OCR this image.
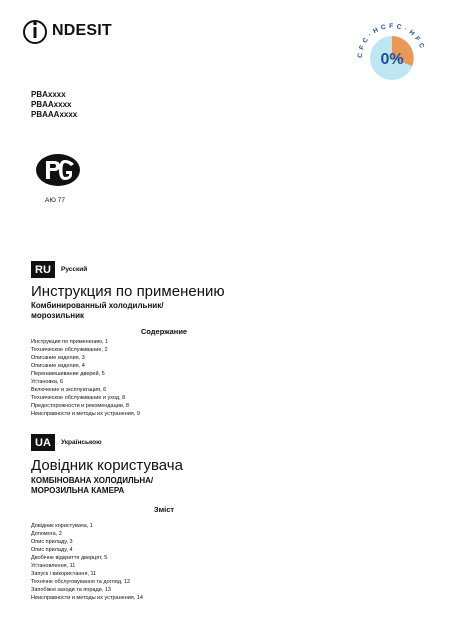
NDESIT
CFC·HCFC·HFC
0%
PBAxxxx
PBAAxxxx
PBAAAxxxx
АЮ 77
RU	Русский
Инструкция по применению
Комбинированный холодильник/
морозильник
Содержание
Инструкция по применению, 1
Техническое обслуживание, 2
Описание изделия, 3
Описание изделия, 4
Перенавешивание дверей, 5
Установка, 6
Включение и эксплуатация, 6
Техническое обслуживание и уход, 8
Предосторожности и рекомендации, 8
Неисправности и методы их устранения, 9
UA	Українською
Довідник користувача
КОМБІНОВАНА ХОЛОДИЛЬНА/
МОРОЗИЛЬНА КАМЕРА
Зміст
Довідник користувача, 1
Допомога, 2
Опис приладу, 3
Опис приладу, 4
Двобічне відкриття дверцят, 5
Установлення, 11
Запуск і використання, 11
Технічне обслуговування та догляд, 12
Запобіжні заходи та поради, 13
Неисправности и методы их устранения, 14
